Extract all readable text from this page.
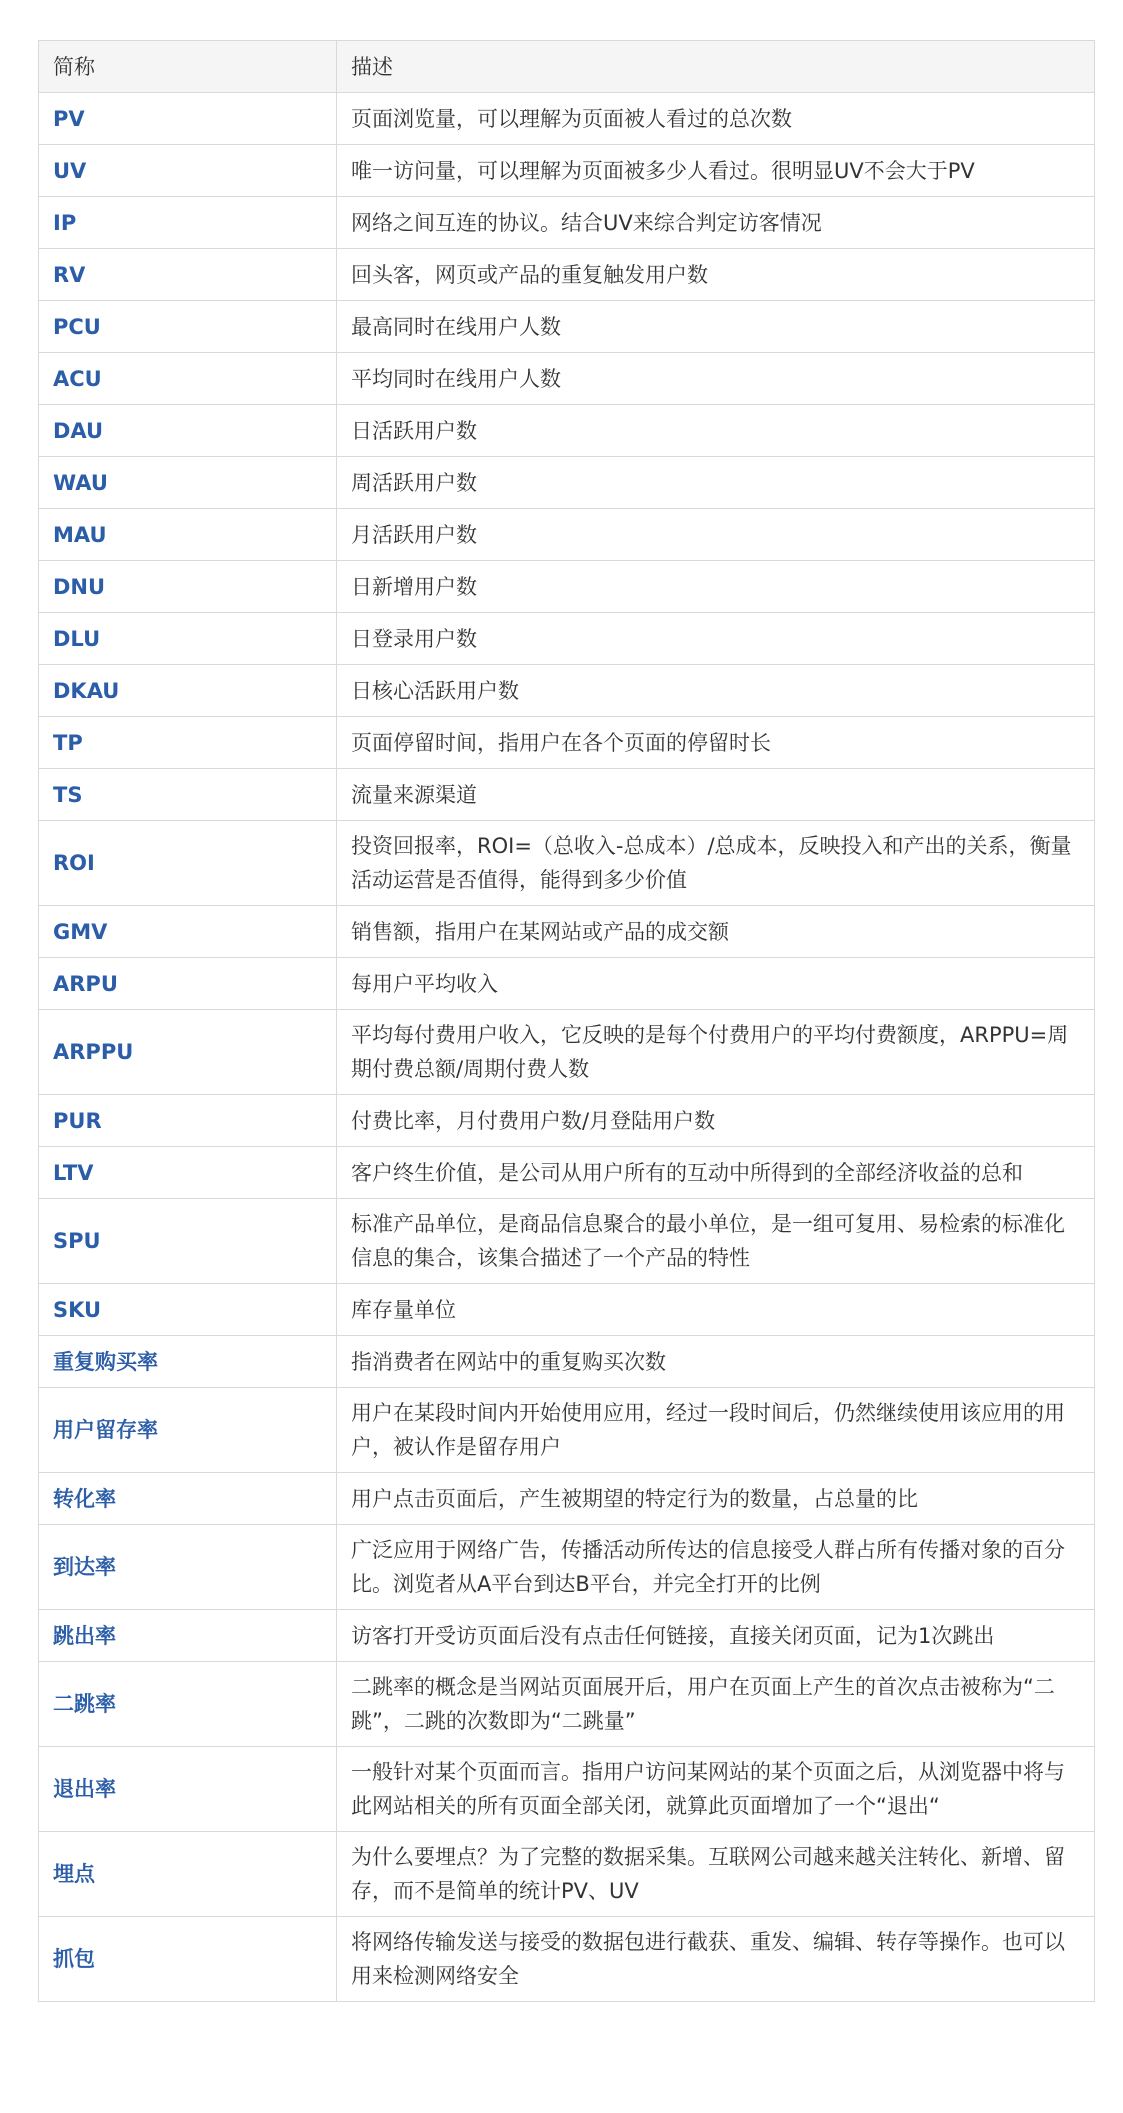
简称	描述
PV	页面浏览量，可以理解为页面被人看过的总次数
UV	唯一访问量，可以理解为页面被多少人看过。很明显UV不会大于PV
IP	网络之间互连的协议。结合UV来综合判定访客情况
RV	回头客，网页或产品的重复触发用户数
PCU	最高同时在线用户人数
ACU	平均同时在线用户人数
DAU	日活跃用户数
WAU	周活跃用户数
MAU	月活跃用户数
DNU	日新增用户数
DLU	日登录用户数
DKAU	日核心活跃用户数
TP	页面停留时间，指用户在各个页面的停留时长
TS	流量来源渠道
ROI	投资回报率，ROI=（总收入-总成本）/总成本，反映投入和产出的关系，衡量活动运营是否值得，能得到多少价值
GMV	销售额，指用户在某网站或产品的成交额
ARPU	每用户平均收入
ARPPU	平均每付费用户收入，它反映的是每个付费用户的平均付费额度，ARPPU=周期付费总额/周期付费人数
PUR	付费比率，月付费用户数/月登陆用户数
LTV	客户终生价值，是公司从用户所有的互动中所得到的全部经济收益的总和
SPU	标准产品单位，是商品信息聚合的最小单位，是一组可复用、易检索的标准化信息的集合，该集合描述了一个产品的特性
SKU	库存量单位
重复购买率	指消费者在网站中的重复购买次数
用户留存率	用户在某段时间内开始使用应用，经过一段时间后，仍然继续使用该应用的用户，被认作是留存用户
转化率	用户点击页面后，产生被期望的特定行为的数量，占总量的比
到达率	广泛应用于网络广告，传播活动所传达的信息接受人群占所有传播对象的百分比。浏览者从A平台到达B平台，并完全打开的比例
跳出率	访客打开受访页面后没有点击任何链接，直接关闭页面，记为1次跳出
二跳率	二跳率的概念是当网站页面展开后，用户在页面上产生的首次点击被称为“二跳”，二跳的次数即为“二跳量”
退出率	一般针对某个页面而言。指用户访问某网站的某个页面之后，从浏览器中将与此网站相关的所有页面全部关闭，就算此页面增加了一个“退出“
埋点	为什么要埋点？为了完整的数据采集。互联网公司越来越关注转化、新增、留存，而不是简单的统计PV、UV
抓包	将网络传输发送与接受的数据包进行截获、重发、编辑、转存等操作。也可以用来检测网络安全
